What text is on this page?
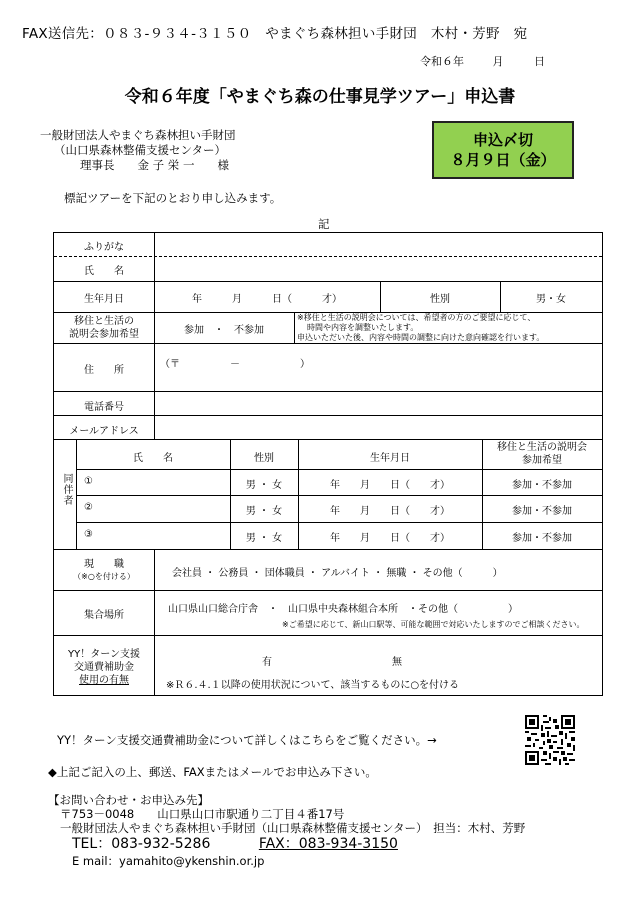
FAX送信先：０８３-９３４-３１５０　やまぐち森林担い手財団　木村・芳野　宛
令和６年	月	日
令和６年度「やまぐち森の仕事見学ツアー」申込書
一般財団法人やまぐち森林担い手財団
（山口県森林整備支援センター）
理事長　　金 子 栄 一　　様
申込〆切
８月９日（金）
標記ツアーを下記のとおり申し込みます。
記
ふりがな
氏　　名
生年月日	年　　　月　　　日（　　　才）	性別	男・女
移住と生活の
説明会参加希望	参加　・　不参加
※移住と生活の説明会については、希望者の方のご要望に応じて、
時間や内容を調整いたします。
申込いただいた後、内容や時間の調整に向けた意向確認を行います。
住　　所
（〒　　　　　－　　　　　　）
電話番号
メールアドレス
同伴者
氏　　名	性別	生年月日
移住と生活の説明会
参加希望
①	男 ・ 女	年　　月　　日（　　才）	参加・不参加
②	男 ・ 女	年　　月　　日（　　才）	参加・不参加
③	男 ・ 女	年　　月　　日（　　才）	参加・不参加
現　　職
（※○を付ける）	会社員 ・ 公務員 ・ 団体職員 ・ アルバイト ・ 無職 ・ その他（　　　）
集合場所
山口県山口総合庁舎　・　山口県中央森林組合本所　・その他（　　　　　）
※ご希望に応じて、新山口駅等、可能な範囲で対応いたしますのでご相談ください。
YY！ターン支援
交通費補助金
使用の有無
有	無
※Ｒ６.４.１以降の使用状況について、該当するものに○を付ける
YY！ターン支援交通費補助金について詳しくはこちらをご覧ください。→
◆上記ご記入の上、郵送、FAXまたはメールでお申込み下さい。
【お問い合わせ・お申込み先】
〒753－0048　　山口県山口市駅通り二丁目４番17号
一般財団法人やまぐち森林担い手財団（山口県森林整備支援センター）　担当：木村、芳野
TEL：083-932-5286	FAX：083-934-3150
E mail：yamahito@ykenshin.or.jp
